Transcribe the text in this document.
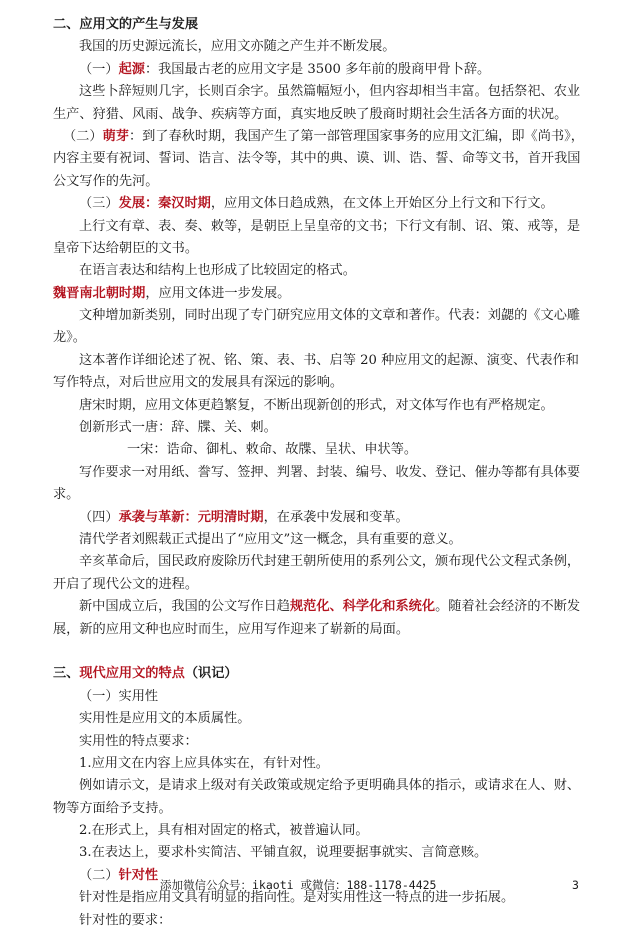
二、应用文的产生与发展
我国的历史源远流长，应用文亦随之产生并不断发展。
（一）起源：我国最古老的应用文字是 3500 多年前的殷商甲骨卜辞。
这些卜辞短则几字，长则百余字。虽然篇幅短小，但内容却相当丰富。包括祭祀、农业
生产、狩猎、风雨、战争、疾病等方面，真实地反映了殷商时期社会生活各方面的状况。
（二）萌芽：到了春秋时期，我国产生了第一部管理国家事务的应用文汇编，即《尚书》，
内容主要有祝词、誓词、诰言、法令等，其中的典、谟、训、诰、誓、命等文书，首开我国
公文写作的先河。
（三）发展：秦汉时期，应用文体日趋成熟，在文体上开始区分上行文和下行文。
上行文有章、表、奏、敕等，是朝臣上呈皇帝的文书；下行文有制、诏、策、戒等，是
皇帝下达给朝臣的文书。
在语言表达和结构上也形成了比较固定的格式。
魏晋南北朝时期，应用文体进一步发展。
文种增加新类别，同时出现了专门研究应用文体的文章和著作。代表：刘勰的《文心雕
龙》。
这本著作详细论述了祝、铭、策、表、书、启等 20 种应用文的起源、演变、代表作和
写作特点，对后世应用文的发展具有深远的影响。
唐宋时期，应用文体更趋繁复，不断出现新创的形式，对文体写作也有严格规定。
创新形式一唐：辞、牒、关、刺。
一宋：诰命、御札、敕命、故牒、呈状、申状等。
写作要求一对用纸、誊写、签押、判署、封装、编号、收发、登记、催办等都有具体要
求。
（四）承袭与革新：元明清时期，在承袭中发展和变革。
清代学者刘熙载正式提出了“应用文”这一概念，具有重要的意义。
辛亥革命后，国民政府废除历代封建王朝所使用的系列公文，颁布现代公文程式条例，
开启了现代公文的进程。
新中国成立后，我国的公文写作日趋规范化、科学化和系统化。随着社会经济的不断发
展，新的应用文种也应时而生，应用写作迎来了崭新的局面。
三、现代应用文的特点（识记）
（一）实用性
实用性是应用文的本质属性。
实用性的特点要求：
1.应用文在内容上应具体实在，有针对性。
例如请示文，是请求上级对有关政策或规定给予更明确具体的指示，或请求在人、财、
物等方面给予支持。
2.在形式上，具有相对固定的格式，被普遍认同。
3.在表达上，要求朴实简洁、平铺直叙，说理要据事就实、言简意赅。
（二）针对性
针对性是指应用文具有明显的指向性。是对实用性这一特点的进一步拓展。
针对性的要求：
添加微信公众号：ikaoti 或微信：188-1178-4425	3
